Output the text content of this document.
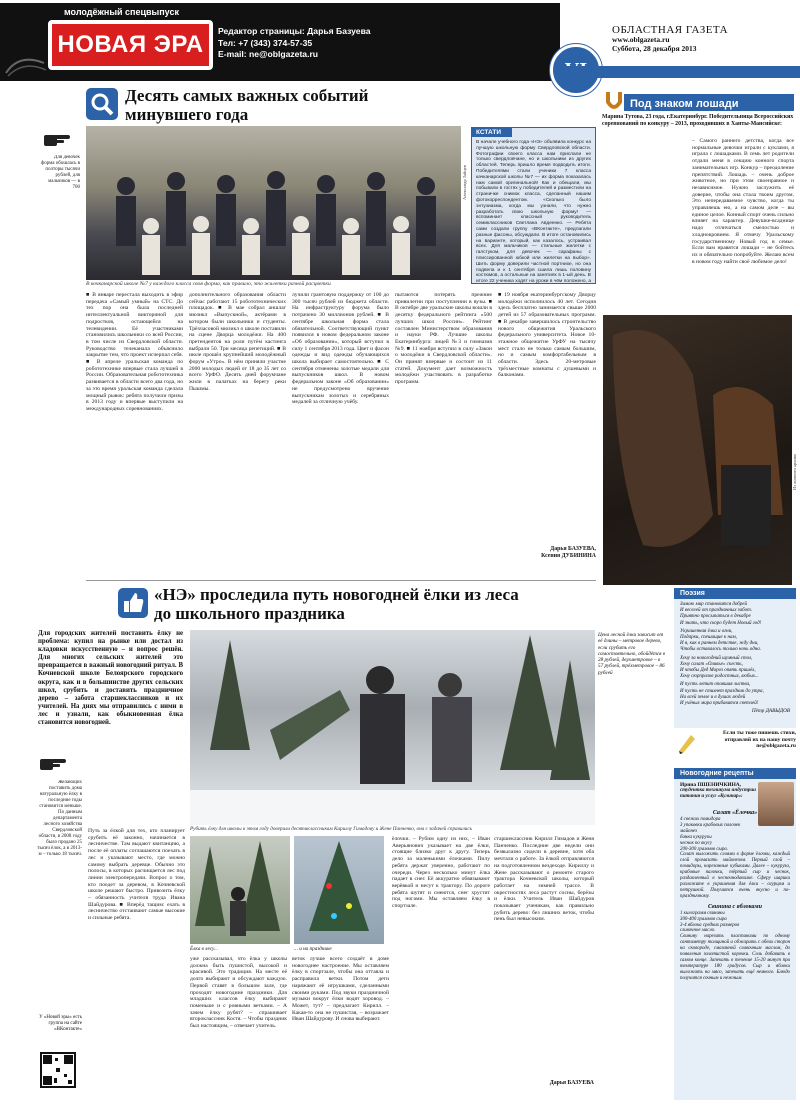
молодёжный спецвыпуск
НОВАЯ ЭРА Редактор страницы: Дарья Базуева
Тел: +7 (343) 374-57-35
E-mail: ne@oblgazeta.ru
ОБЛАСТНАЯ ГАЗЕТА
www.oblgazeta.ru
Суббота, 28 декабря 2013
Десять самых важных событий
минувшего года
Для девочек форма обошлась в полторы тысячи рублей, для мальчиков — в 700	Александр Зайцев
В кочканарской школе №7 у каждого класса своя форма, как правило, это жилетки разной расцветки
КСТАТИ
В начале учебного года «НЭ» объявила конкурс на лучшую школьную форму Свердловской области. Фотографии своего класса нам прислали не только свердловчане, но и школьники из других областей. Теперь пришло время подводить итоги. Победителями стали ученики 7 класса качканарской школы №7 — их форма показалась нам самой оригинальной! Как и обещали, мы побывали в гостях у победителей и разместили на страничке снимок класса, сделанный нашим фотокорреспондентом. «Сколько было энтузиазма, когда мы узнали, что нужно разработать свою школьную форму! — вспоминает классный руководитель семиклассников Светлана Авдеенко. — Ребята сами создали группу «ВКонтакте», предлагали разные фасоны, обсуждали. В итоге остановились на варианте, который, как казалось, устраивал всех. Для мальчиков — стильные жилетки с галстуком, для девочек — сарафаны с плиссированной юбкой или жилетки на выбор». Шить форму доверили частной портнихе, но она подвела и к 1 сентября сшила лишь половину костюмов, а остальные на занятиях в 1-ый день. В итоге 22 ученика ходят на уроки в чём положено, а
■ В январе перестала выходить в эфир передача «Самый умный» на СТС. До тех пор она была последней интеллектуальной викториной для подростков, остающейся на телевидении. Её участниками становились школьники со всей России, в том числе из Свердловской области. Руководство телеканала объяснило закрытие тем, что проект исчерпал себя. ■ В апреле уральская команда по робототехнике впервые стала лучшей в России. Образовательная робототехника развивается в области всего два года, но за это время уральская команда сделала мощный рывок: ребята получили призы в 2013 году и впервые выступили на международных соревнованиях.
дополнительного образования области сейчас работают 15 робототехнических площадок. ■ В мае собрал аншлаг мюзикл «Выпускной», актёрами в котором были школьники и студенты. Трёхчасовой мюзикл о школе поставили на сцене Дворца молодёжи. На 400 претендентов на роли путём кастинга выбрали 50. Три месяца репетиций. ■ В июле прошёл крупнейший молодёжный форум «Утро». В нём приняли участие 2000 молодых людей от 18 до 35 лет со всего УрФО. Десять дней форумчане жили в палатках на берегу реки Пышмы.
лучили грантовую поддержку от 100 до 300 тысяч рублей из бюджета области. На инфраструктуру форума было потрачено 30 миллионов рублей. ■ В сентябре школьная форма стала обязательной. Соответствующий пункт появился в новом федеральном законе «Об образовании», который вступил в силу 1 сентября 2013 года. Цвет и фасон одежды и вид одежды обучающихся школа выбирает самостоятельно. ■ С сентября отменены золотые медали для выпускников школ. В новом федеральном законе «Об образовании» не предусмотрено вручение выпускникам золотых и серебряных медалей за отличную учёбу.
пытаются потерять прежние привилегии при поступлении в вузы. ■ В октябре две уральские школы вошли в десятку федерального рейтинга «500 лучших школ России». Рейтинг составлен Министерством образования и науки РФ. Лучшие школы Екатеринбурга: лицей №3 и гимназия №9. ■ 11 ноября вступил в силу «Закон о молодёжи в Свердловской области». Он принят впервые и состоит из 11 статей. Документ дает возможность молодёжи участвовать в разработке программ.
■ 19 ноября екатеринбургскому Дворцу молодёжи исполнилось 40 лет. Сегодня здесь бесплатно занимается свыше 2000 детей из 57 образовательных программ. ■ В декабре завершилось строительство нового общежития Уральского федерального университета. Новое 10-этажное общежитие УрФУ на тысячу мест стало не только самым большим, но и самым комфортабельным в области. Здесь 20-метровые трёхместные комнаты с душевыми и балконами.
Дарья БАЗУЕВА,
Ксения ДУБИНИНА
Под знаком лошади
Марина Тутова, 23 года, г.Екатеринбург. Победительница Всероссийских соревнований по конкуру – 2013, проходивших в Ханты-Мансийске:
– Самого раннего детства, когда все нормальные девочки играли с куклами, я играла с лошадками. В семь лет родители отдали меня в секцию конного спорта занимательных игр. Конкур – преодоление препятствий. Лошадь – очень доброе животное, но при этом своенравное и независимое. Нужно заслужить её доверие, чтобы она стала твоим другом. Это непередаваемое чувство, когда ты управляешь ею, а на самом деле – вы единое целое. Конный спорт очень сильно влияет на характер. Девушке-всаднице надо отличаться смелостью и хладнокровием. Я отмечу Уральскому государственному Новый год в семье. Если вам нравятся лошади – не бойтесь их и обязательно попробуйте. Желаю всем в новом году найти своё любимое дело!
Из личного архива
«НЭ» проследила путь новогодней ёлки из леса
до школьного праздника
Для городских жителей поставить ёлку не проблема: купил на рынке или достал из кладовки искусственную – и вопрос решён. Для многих сельских жителей это превращается в важный новогодний ритуал. В Кочневской школе Белоярского городского округа, как и в большинстве других сельских школ, срубить и доставить праздничное дерево – забота старшеклассников и их учителей. На днях мы отправились с ними в лес и узнали, как обыкновенная ёлка становится новогодней.
Желающих поставить дома натуральную ёлку в последние годы становится меньше. По данным департамента лесного хозяйства Свердловской области, в 2008 году было продано 25 тысяч ёлок, а в 2013-м – только 18 тысяч.
У «Новой эры» есть группа на сайте «ВКонтакте»
Рубить ёлку для школы в этом году доверили десятиклассникам Кириллу Гимадову и Жене Панченко, она с задачей справились
Цена лесной ёлки зависит от её длины – метровое дерево, если срубить его самостоятельно, обойдётся в 28 рублей, двухметровое – в 57 рублей, трёхметровое – 86 рублей
Ёлка в лесу...	... и на празднике
Путь за ёлкой для тех, кто планирует срубить её законно, начинается в лесничестве. Там выдают квитанцию, а после её оплаты соглашаются поехать в лес и указывают место, где можно самому выбрать деревце. Обычно это полосы, в которых расчищается лес под линии электропередачи. Вопрос о том, кто поедет за деревом, в Кочневской школе решают быстро. Привозить ёлку – обязанность учителя труда Ивана Шайдурова. ■ Вперёд тащим: ехать в лесничество отстаивают самые высокие и сильные ребята.
уже рассказывал, что ёлка у школы должна быть пушистой, высокой и красивой. Это традиция. На месте её долго выбирают и обсуждают каждую. Первой ставят в большом зале, где проходят новогодние праздники. Для младших классов ёлку выбирают поменьше и с ровными ветками. – А зачем ёлку рубят? – спрашивает второклассник Костя. – Чтобы праздник был настоящим, – отвечает учитель.
веток лучше всего создаёт в доме новогоднее настроение. Мы оставляем ёлку в спортзале, чтобы она оттаяла и расправила ветки. Потом дети наряжают её игрушками, сделанными своими руками. Под звуки праздничной музыки вокруг ёлки водят хоровод. – Может, тут? – предлагает Кирилл. – Какая-то она не пушистая, – возражает Иван Шайдурову. И снова выбирают.
ёлочки. – Рубим одну из них, – Иван Аверьянович указывает на две ёлки, стоящие близко друг к другу. Теперь дело за маленькими ёлочками. Пилу ребята держат уверенно, работают по очереди. Через несколько минут ёлка падает в снег. Её аккуратно обвязывают верёвкой и несут к трактору. По дороге ребята шутят и смеются, снег хрустит под ногами. Мы оставляем ёлку в спортзале.
старшеклассник Кирилл Гимадов и Женя Панченко. Последние две недели они безвылазно сидели в деревне, хотя оба мечтали о работе. За ёлкой отправляются на подготовленном вездеходе. Кириллу и Жене рассказывают о ремонте старого трактора Кочневской школы, который работает на зимней трассе. В окрестностях леса растут сосны, берёзы и ёлки. Учитель Иван Шайдуров показывает ученикам, как правильно рубить дерево: без лишних веток, чтобы пень был невысоким.
Дарья БАЗУЕВА
Поэзия
Зимою мир становится добрей
И веселей от праздничных забот.
Приятно просыпаться в декабре
И знать, что скоро будет Новый год!
Украшенная ёлка и огни,
Подарки, спешащие к нам,
И я, как в раннем детстве, жду дни,
Чтобы оставалось только ночь одна.
Хочу за новогодний шумный стол,
Хочу салат «Оливье» съесть,
И чтобы Дед Мороз опять пришёл,
Хочу сюрпризов радостных, любых...
И пусть летит опавшая листва,
И пусть не стихнет праздник до утра,
На всей земле и в душах людей
И учёных мира прибавится светлей!
Пётр ДАВЫДОВ
Если ты тоже пишешь стихи, отправляй их на нашу почту ne@oblgazeta.ru
Новогодние рецепты
Ирина ПШЕНИЧКИНА,
студентка техникума индустрии питания и услуг «Кулинар»:
Салат «Ёлочка»
4 свежих помидора
3 упаковки крабовых палочек
майонез
банка кукурузы
чеснок по вкусу
200-300 граммов сыра.
Салат выложить слоями в форме ёлочки, каждый слой промазать майонезом. Первый слой – помидоры, нарезанные кубиками. Далее – кукуруза, крабовые палочки, тёртый сыр и чеснок, раздавленный в чесночнодавилке. Сферу шарики разложите в украшения для ёлки – огурцом и петрушкой. Получится очень вкусно и по-праздничному.
Свинина с яблоками
1 килограмм свинины
300-400 граммов сыра
3-4 яблока средних размеров
сливочное масло.
Свинину нарезать пластинами по одному сантиметру толщиной и обжарить с обеих сторон на сковороде, смазанной сливочным маслом, до появления золотистой корочки. Соль добавить в самом конце. Запекать в течение 15-20 минут при температуре 180 градусов. Сыр и яблоки выложить на мясо, запекать ещё немного. Блюдо получится сочным и нежным.
